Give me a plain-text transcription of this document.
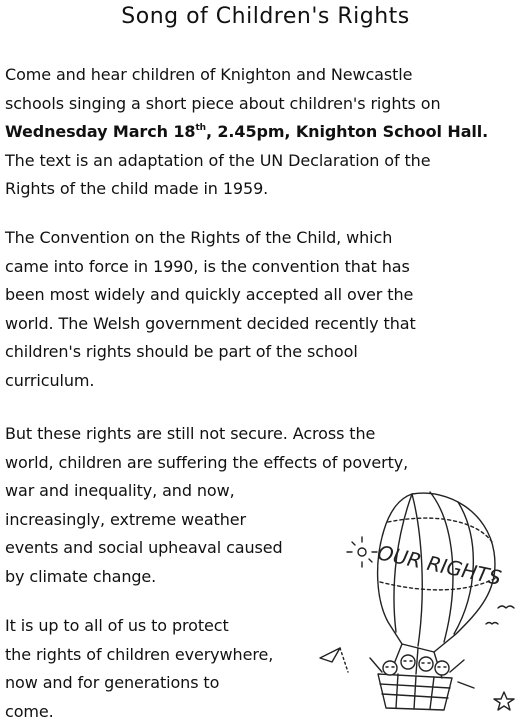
Song of Children's Rights
Come and hear children of Knighton and Newcastle
schools singing a short piece about children's rights on
Wednesday March 18th, 2.45pm, Knighton School Hall.
The text is an adaptation of the UN Declaration of the
Rights of the child made in 1959.
The Convention on the Rights of the Child, which
came into force in 1990, is the convention that has
been most widely and quickly accepted all over the
world. The Welsh government decided recently that
children's rights should be part of the school
curriculum.
But these rights are still not secure. Across the
world, children are suffering the effects of poverty,
war and inequality, and now,
increasingly, extreme weather
events and social upheaval caused
by climate change.
It is up to all of us to protect
the rights of children everywhere,
now and for generations to
come.
OUR RIGHTS
